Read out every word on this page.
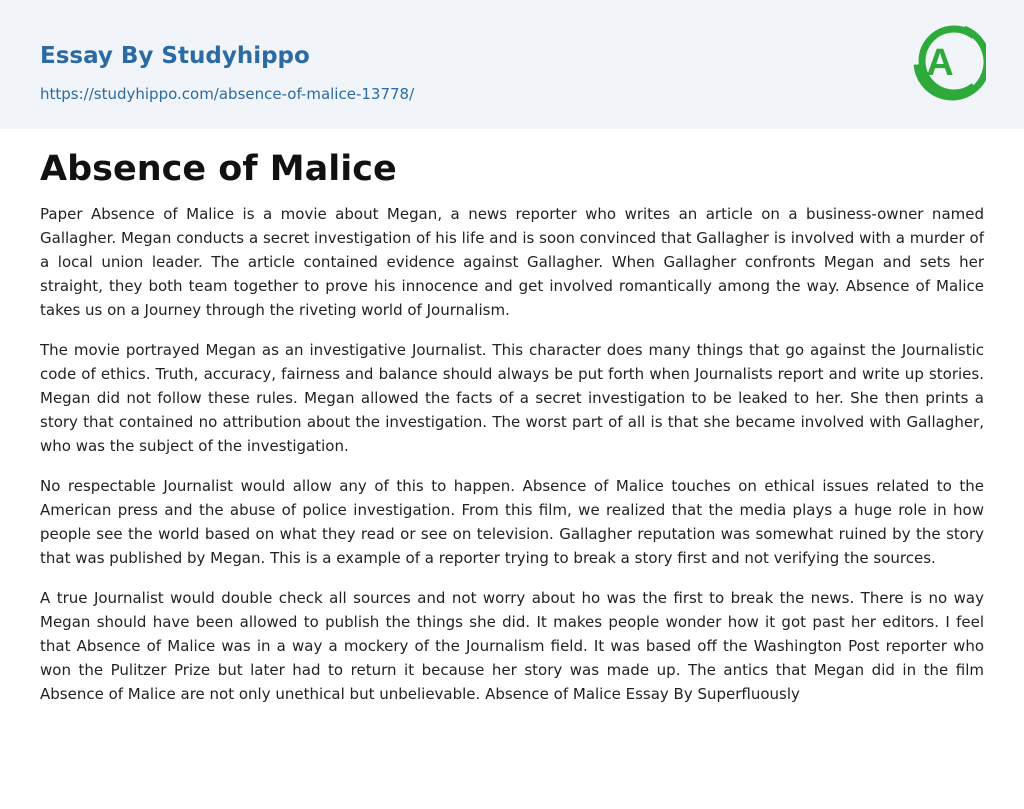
Essay By Studyhippo
https://studyhippo.com/absence-of-malice-13778/
A
Absence of Malice

Paper Absence of Malice is a movie about Megan, a news reporter who writes an article on a business-owner named Gallagher. Megan conducts a secret investigation of his life and is soon convinced that Gallagher is involved with a murder of a local union leader. The article contained evidence against Gallagher. When Gallagher confronts Megan and sets her straight, they both team together to prove his innocence and get involved romantically among the way. Absence of Malice takes us on a Journey through the riveting world of Journalism.

The movie portrayed Megan as an investigative Journalist. This character does many things that go against the Journalistic code of ethics. Truth, accuracy, fairness and balance should always be put forth when Journalists report and write up stories. Megan did not follow these rules. Megan allowed the facts of a secret investigation to be leaked to her. She then prints a story that contained no attribution about the investigation. The worst part of all is that she became involved with Gallagher, who was the subject of the investigation.

No respectable Journalist would allow any of this to happen. Absence of Malice touches on ethical issues related to the American press and the abuse of police investigation. From this film, we realized that the media plays a huge role in how people see the world based on what they read or see on television. Gallagher reputation was somewhat ruined by the story that was published by Megan. This is a example of a reporter trying to break a story first and not verifying the sources.

A true Journalist would double check all sources and not worry about ho was the first to break the news. There is no way Megan should have been allowed to publish the things she did. It makes people wonder how it got past her editors. I feel that Absence of Malice was in a way a mockery of the Journalism field. It was based off the Washington Post reporter who won the Pulitzer Prize but later had to return it because her story was made up. The antics that Megan did in the film Absence of Malice are not only unethical but unbelievable. Absence of Malice Essay By Superfluously
